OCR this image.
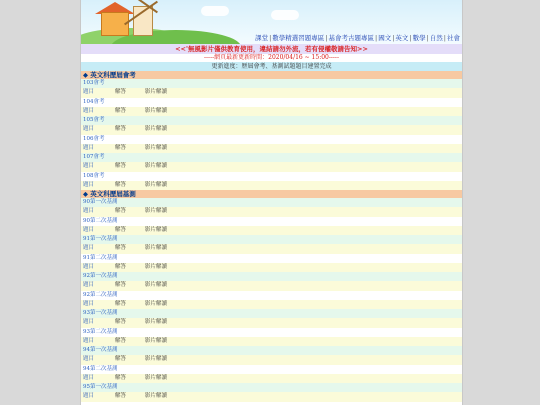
課堂|數學精選習題專區|基會考古題專區|國文|英文|數學|自然|社會
<<'無風影片僅供教育使用，違結請勿外流，若有侵權敬請告知>>
-----網頁最新更新時間：2020/04/16 ~ 15:00-----
更新進度：歷屆會考、基測試題題目建置完成
◆ 英文科歷屆會考
103會考
題目	解答	影片解讀
104會考
題目	解答	影片解讀
105會考
題目	解答	影片解讀
106會考
題目	解答	影片解讀
107會考
題目	解答	影片解讀
108會考
題目	解答	影片解讀
◆ 英文科歷屆基測
90第一次基測
題目	解答	影片解讀
90第二次基測
題目	解答	影片解讀
91第一次基測
題目	解答	影片解讀
91第二次基測
題目	解答	影片解讀
92第一次基測
題目	解答	影片解讀
92第二次基測
題目	解答	影片解讀
93第一次基測
題目	解答	影片解讀
93第二次基測
題目	解答	影片解讀
94第一次基測
題目	解答	影片解讀
94第二次基測
題目	解答	影片解讀
95第一次基測
題目	解答	影片解讀
